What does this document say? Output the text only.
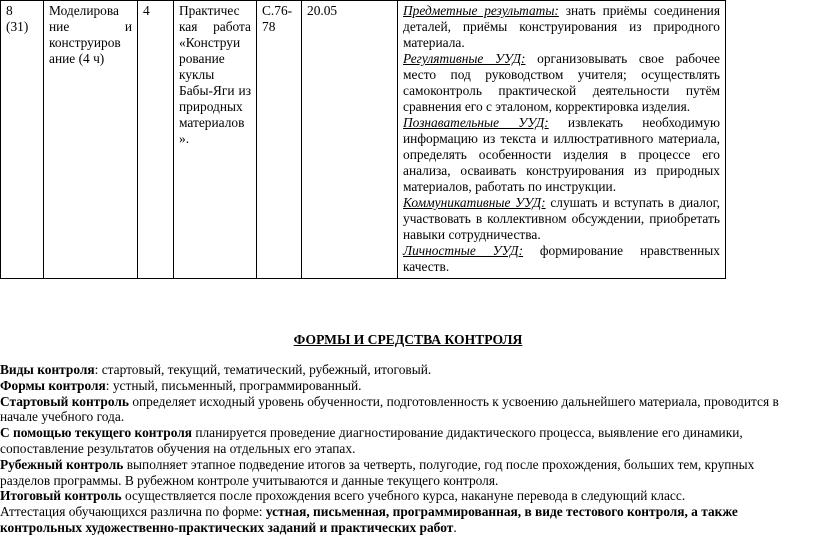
8 (31)	Моделирова ние и конструиров ание (4 ч)	4	Практичес кая работа «Конструи рование куклы Бабы-Яги из природных материалов ».	С.76-78	20.05	Предметные результаты: знать приёмы соединения деталей, приёмы конструирования из природного материала.
Регулятивные УУД: организовывать свое рабочее место под руководством учителя; осуществлять самоконтроль практической деятельности путём сравнения его с эталоном, корректировка изделия.
Познавательные УУД: извлекать необходимую информацию из текста и иллюстративного материала, определять особенности изделия в процессе его анализа, осваивать конструирования из природных материалов, работать по инструкции.
Коммуникативные УУД: слушать и вступать в диалог, участвовать в коллективном обсуждении, приобретать навыки сотрудничества.
Личностные УУД: формирование нравственных качеств.
ФОРМЫ И СРЕДСТВА КОНТРОЛЯ

Виды контроля: стартовый, текущий, тематический, рубежный, итоговый.

Формы контроля: устный, письменный, программированный.

Стартовый контроль определяет исходный уровень обученности, подготовленность к усвоению дальнейшего материала, проводится в начале учебного года.

С помощью текущего контроля планируется проведение диагностирование дидактического процесса, выявление его динамики, сопоставление результатов обучения на отдельных его этапах.

Рубежный контроль выполняет этапное подведение итогов за четверть, полугодие, год после прохождения, больших тем, крупных разделов программы. В рубежном контроле учитываются и данные текущего контроля.

Итоговый контроль осуществляется после прохождения всего учебного курса, накануне перевода в следующий класс.

Аттестация обучающихся различна по форме: устная, письменная, программированная, в виде тестового контроля, а также контрольных художественно-практических заданий и практических работ.
